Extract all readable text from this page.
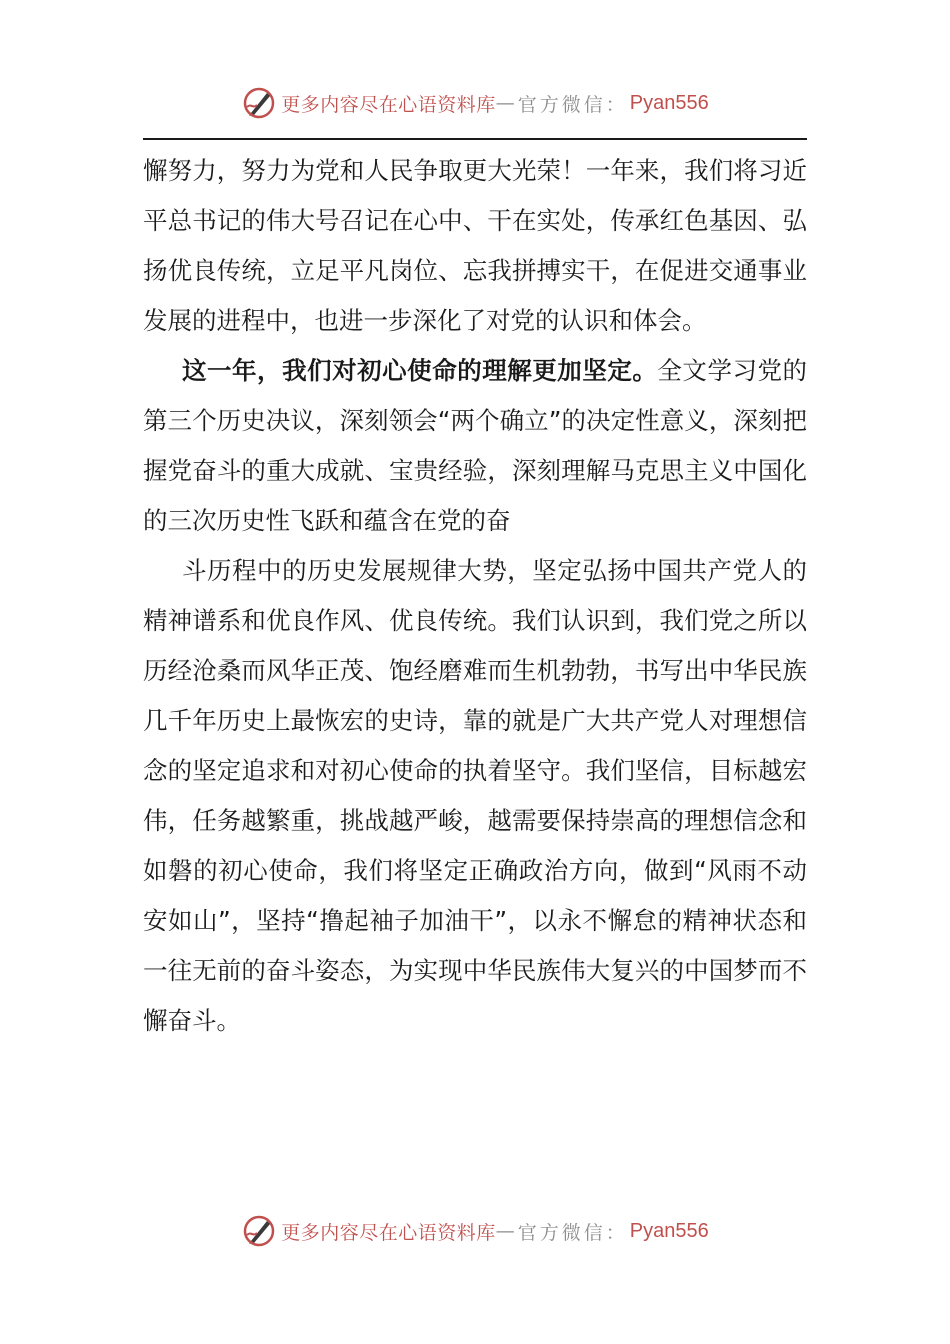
更多内容尽在心语资料库 — 官方微信： Pyan556

懈努力，努力为党和人民争取更大光荣！一年来，我们将习近平总书记的伟大号召记在心中、干在实处，传承红色基因、弘扬优良传统，立足平凡岗位、忘我拼搏实干，在促进交通事业发展的进程中，也进一步深化了对党的认识和体会。

这一年，我们对初心使命的理解更加坚定。全文学习党的第三个历史决议，深刻领会“两个确立”的决定性意义，深刻把握党奋斗的重大成就、宝贵经验，深刻理解马克思主义中国化的三次历史性飞跃和蕴含在党的奋

斗历程中的历史发展规律大势，坚定弘扬中国共产党人的精神谱系和优良作风、优良传统。我们认识到，我们党之所以历经沧桑而风华正茂、饱经磨难而生机勃勃，书写出中华民族几千年历史上最恢宏的史诗，靠的就是广大共产党人对理想信念的坚定追求和对初心使命的执着坚守。我们坚信，目标越宏伟，任务越繁重，挑战越严峻，越需要保持崇高的理想信念和如磐的初心使命，我们将坚定正确政治方向，做到“风雨不动安如山”，坚持“撸起袖子加油干”，以永不懈怠的精神状态和一往无前的奋斗姿态，为实现中华民族伟大复兴的中国梦而不懈奋斗。

更多内容尽在心语资料库 — 官方微信： Pyan556
